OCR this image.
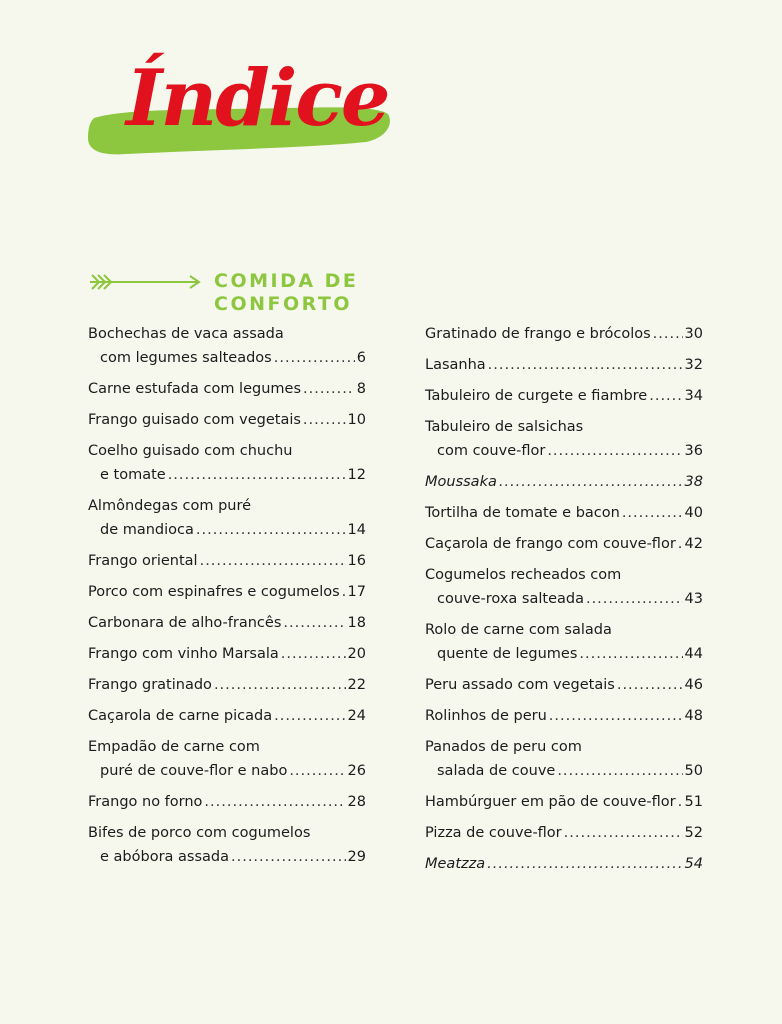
Índice
COMIDA DE
CONFORTO
Bochechas de vaca assada
com legumes salteados .....	6
Carne estufada com legumes .....	8
Frango guisado com vegetais .....	10
Coelho guisado com chuchu
e tomate .....	12
Almôndegas com puré
de mandioca .....	14
Frango oriental .....	16
Porco com espinafres e cogumelos ..... 17
Carbonara de alho-francês .....	18
Frango com vinho Marsala .....	20
Frango gratinado .....	22
Caçarola de carne picada .....	24
Empadão de carne com
puré de couve-flor e nabo .....	26
Frango no forno .....	28
Bifes de porco com cogumelos
e abóbora assada .....	29
Gratinado de frango e brócolos ..... 30
Lasanha .....	32
Tabuleiro de curgete e fiambre .....	34
Tabuleiro de salsichas
com couve-flor .....	36
Moussaka .....	38
Tortilha de tomate e bacon .....	40
Caçarola de frango com couve-flor ..... 42
Cogumelos recheados com
couve-roxa salteada .....	43
Rolo de carne com salada
quente de legumes .....	44
Peru assado com vegetais .....	46
Rolinhos de peru .....	48
Panados de peru com
salada de couve .....	50
Hambúrguer em pão de couve-flor ..... 51
Pizza de couve-flor .....	52
Meatzza .....	54
